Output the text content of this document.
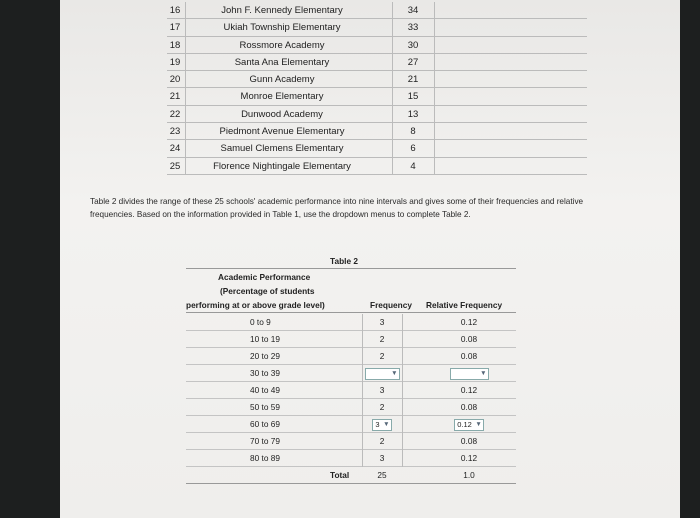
16	John F. Kennedy Elementary	34
17	Ukiah Township Elementary	33
18	Rossmore Academy	30
19	Santa Ana Elementary	27
20	Gunn Academy	21
21	Monroe Elementary	15
22	Dunwood Academy	13
23	Piedmont Avenue Elementary	8
24	Samuel Clemens Elementary	6
25	Florence Nightingale Elementary	4
Table 2 divides the range of these 25 schools' academic performance into nine intervals and gives some of their frequencies and relative frequencies. Based on the information provided in Table 1, use the dropdown menus to complete Table 2.
Table 2
Academic Performance
(Percentage of students
performing at or above grade level)	Frequency Relative Frequency
0 to 9	3	0.12
10 to 19	2	0.08
20 to 29	2	0.08
30 to 39	▼	▼
40 to 49	3	0.12
50 to 59	2	0.08
60 to 69	3 ▼	0.12 ▼
70 to 79	2	0.08
80 to 89	3	0.12
Total	25	1.0
